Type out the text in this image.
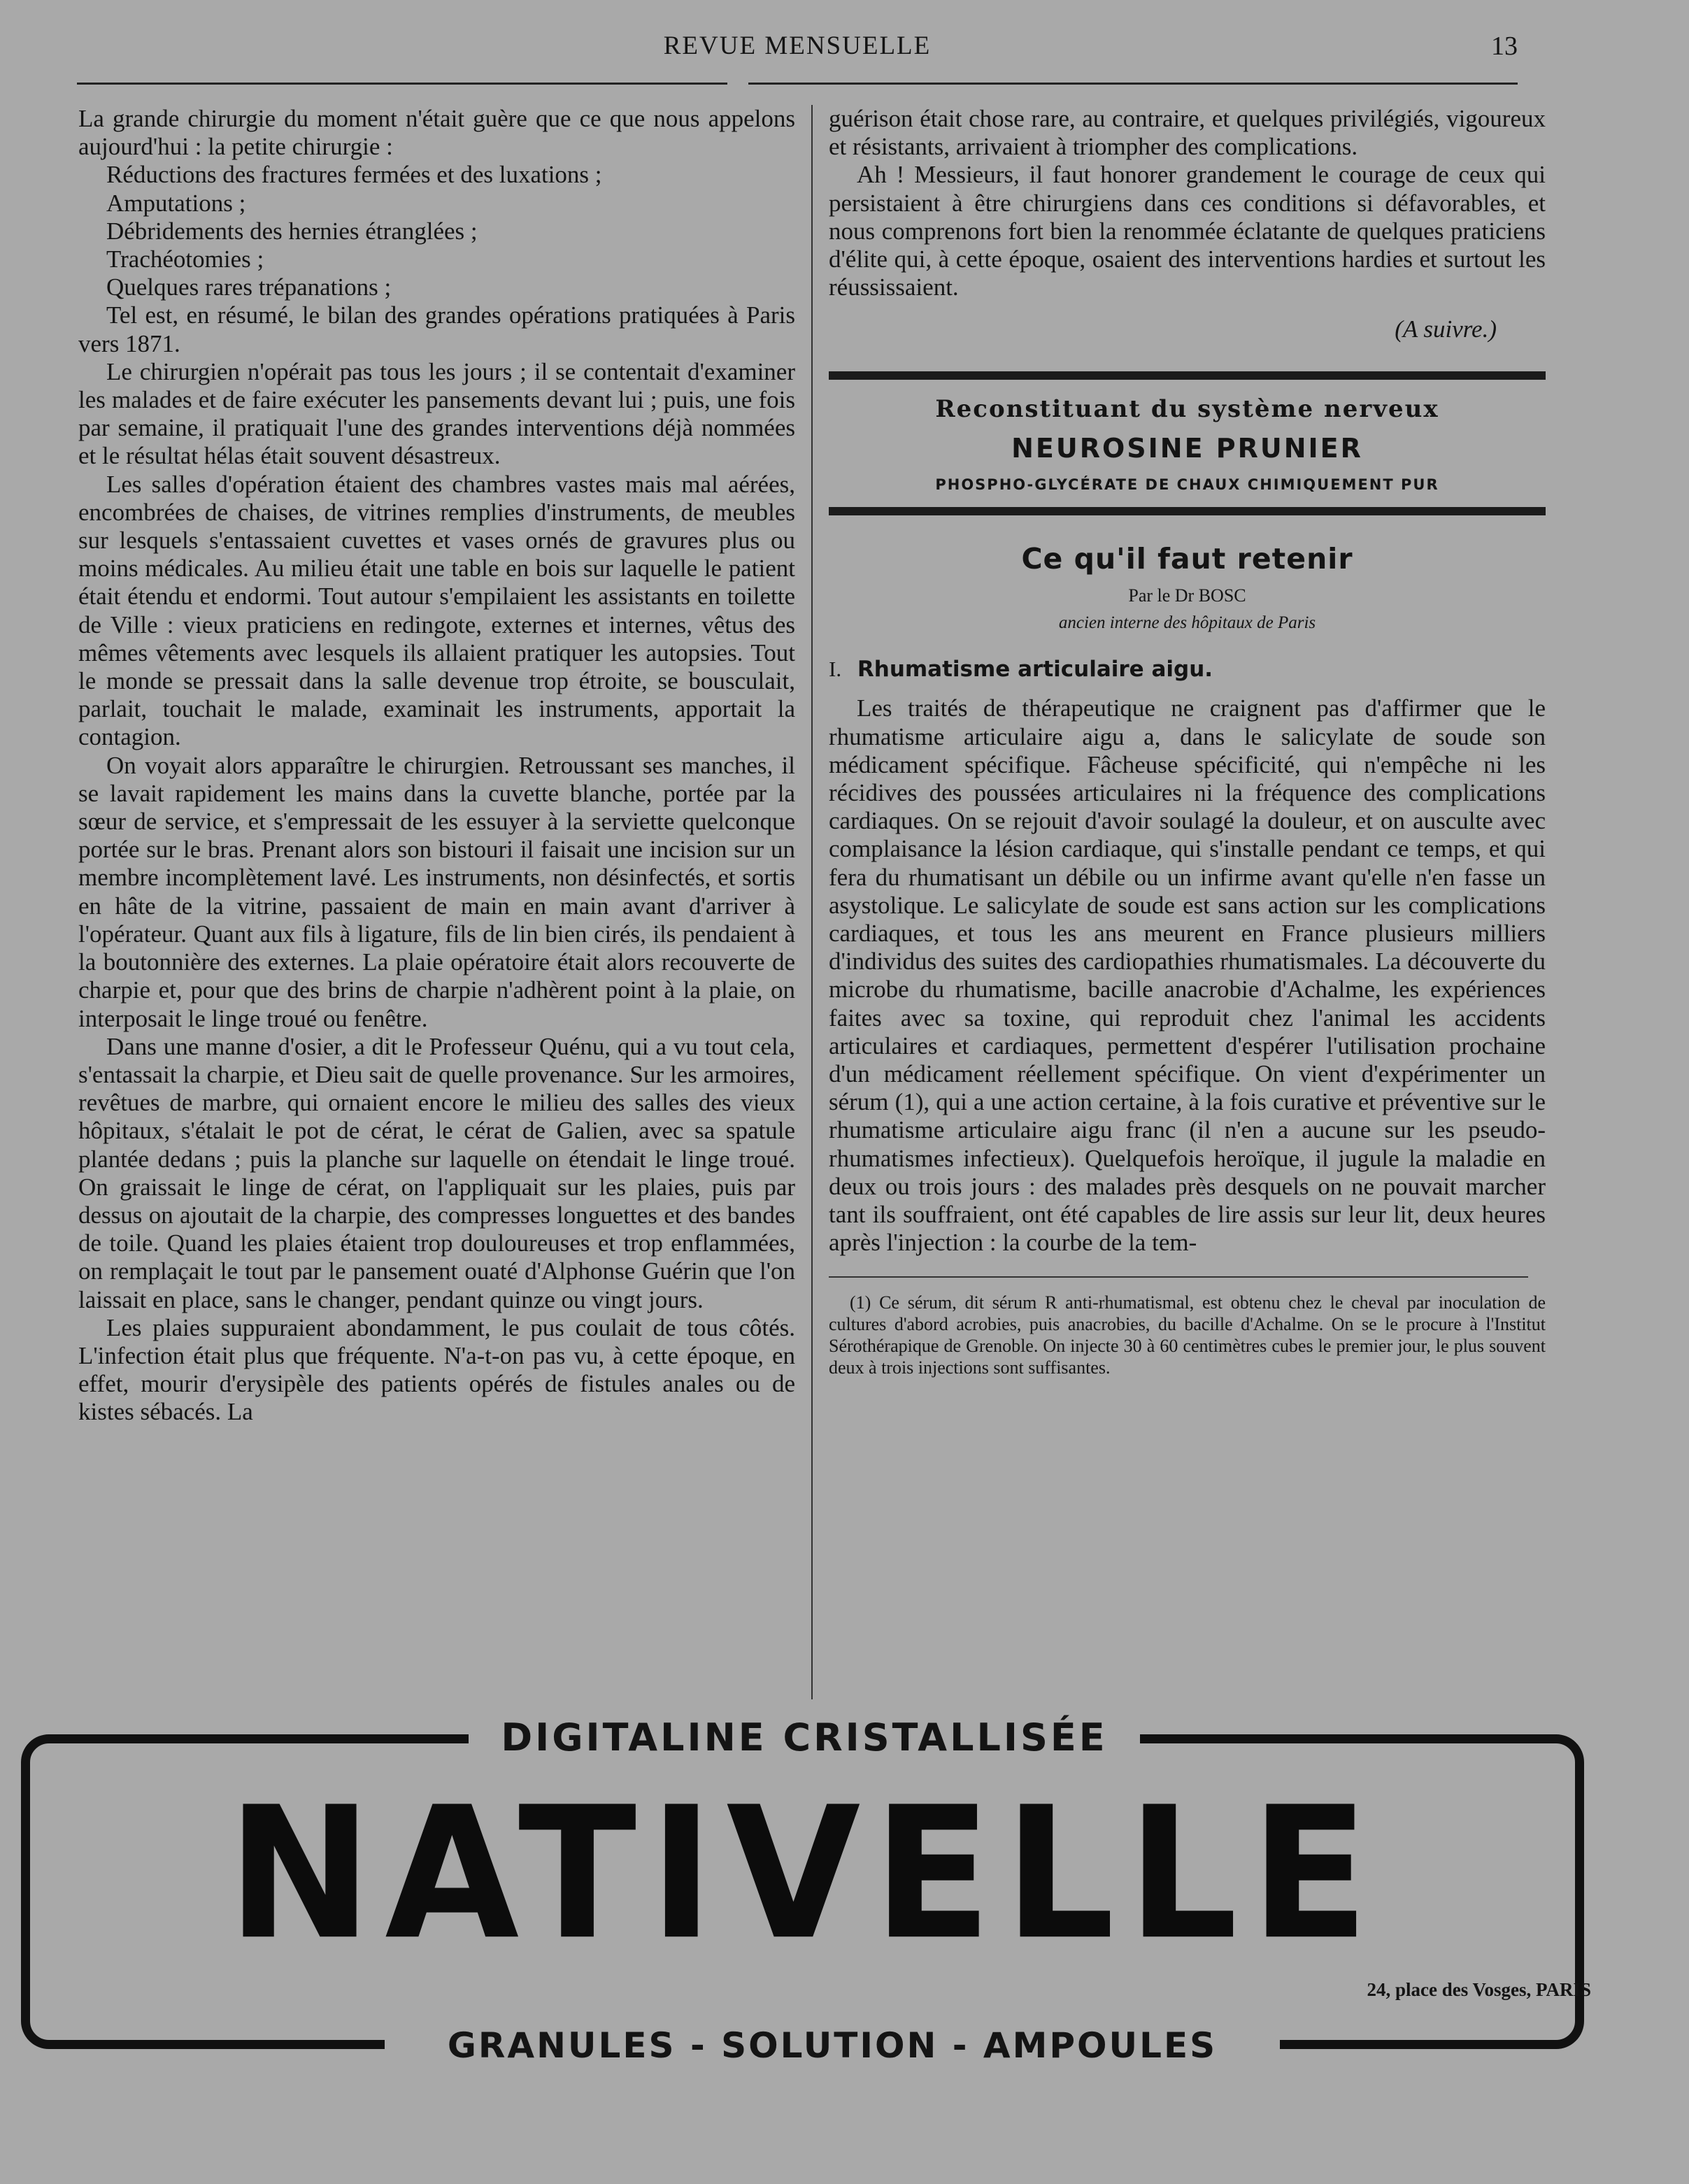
REVUE MENSUELLE	13

La grande chirurgie du moment n'était guère que ce que nous appelons aujourd'hui : la petite chirurgie :

Réductions des fractures fermées et des luxations ;
Amputations ;
Débridements des hernies étranglées ;
Trachéotomies ;
Quelques rares trépanations ;

Tel est, en résumé, le bilan des grandes opérations pratiquées à Paris vers 1871.

Le chirurgien n'opérait pas tous les jours ; il se contentait d'examiner les malades et de faire exécuter les pansements devant lui ; puis, une fois par semaine, il pratiquait l'une des grandes interventions déjà nommées et le résultat hélas était souvent désastreux.

Les salles d'opération étaient des chambres vastes mais mal aérées, encombrées de chaises, de vitrines remplies d'instruments, de meubles sur lesquels s'entassaient cuvettes et vases ornés de gravures plus ou moins médicales. Au milieu était une table en bois sur laquelle le patient était étendu et endormi. Tout autour s'empilaient les assistants en toilette de Ville : vieux praticiens en redingote, externes et internes, vêtus des mêmes vêtements avec lesquels ils allaient pratiquer les autopsies. Tout le monde se pressait dans la salle devenue trop étroite, se bousculait, parlait, touchait le malade, examinait les instruments, apportait la contagion.

On voyait alors apparaître le chirurgien. Retroussant ses manches, il se lavait rapidement les mains dans la cuvette blanche, portée par la sœur de service, et s'empressait de les essuyer à la serviette quelconque portée sur le bras. Prenant alors son bistouri il faisait une incision sur un membre incomplètement lavé. Les instruments, non désinfectés, et sortis en hâte de la vitrine, passaient de main en main avant d'arriver à l'opérateur. Quant aux fils à ligature, fils de lin bien cirés, ils pendaient à la boutonnière des externes. La plaie opératoire était alors recouverte de charpie et, pour que des brins de charpie n'adhèrent point à la plaie, on interposait le linge troué ou fenêtre.

Dans une manne d'osier, a dit le Professeur Quénu, qui a vu tout cela, s'entassait la charpie, et Dieu sait de quelle provenance. Sur les armoires, revêtues de marbre, qui ornaient encore le milieu des salles des vieux hôpitaux, s'étalait le pot de cérat, le cérat de Galien, avec sa spatule plantée dedans ; puis la planche sur laquelle on étendait le linge troué. On graissait le linge de cérat, on l'appliquait sur les plaies, puis par dessus on ajoutait de la charpie, des compresses longuettes et des bandes de toile. Quand les plaies étaient trop douloureuses et trop enflammées, on remplaçait le tout par le pansement ouaté d'Alphonse Guérin que l'on laissait en place, sans le changer, pendant quinze ou vingt jours.

Les plaies suppuraient abondamment, le pus coulait de tous côtés. L'infection était plus que fréquente. N'a-t-on pas vu, à cette époque, en effet, mourir d'erysipèle des patients opérés de fistules anales ou de kistes sébacés. La

guérison était chose rare, au contraire, et quelques privilégiés, vigoureux et résistants, arrivaient à triompher des complications.

Ah ! Messieurs, il faut honorer grandement le courage de ceux qui persistaient à être chirurgiens dans ces conditions si défavorables, et nous comprenons fort bien la renommée éclatante de quelques praticiens d'élite qui, à cette époque, osaient des interventions hardies et surtout les réussissaient.

(A suivre.)
Reconstituant du système nerveux
NEUROSINE PRUNIER
PHOSPHO-GLYCÉRATE DE CHAUX CHIMIQUEMENT PUR
Ce qu'il faut retenir
Par le Dr BOSC
ancien interne des hôpitaux de Paris
I. Rhumatisme articulaire aigu.

Les traités de thérapeutique ne craignent pas d'affirmer que le rhumatisme articulaire aigu a, dans le salicylate de soude son médicament spécifique. Fâcheuse spécificité, qui n'empêche ni les récidives des poussées articulaires ni la fréquence des complications cardiaques. On se rejouit d'avoir soulagé la douleur, et on ausculte avec complaisance la lésion cardiaque, qui s'installe pendant ce temps, et qui fera du rhumatisant un débile ou un infirme avant qu'elle n'en fasse un asystolique. Le salicylate de soude est sans action sur les complications cardiaques, et tous les ans meurent en France plusieurs milliers d'individus des suites des cardiopathies rhumatismales. La découverte du microbe du rhumatisme, bacille anacrobie d'Achalme, les expériences faites avec sa toxine, qui reproduit chez l'animal les accidents articulaires et cardiaques, permettent d'espérer l'utilisation prochaine d'un médicament réellement spécifique. On vient d'expérimenter un sérum (1), qui a une action certaine, à la fois curative et préventive sur le rhumatisme articulaire aigu franc (il n'en a aucune sur les pseudo-rhumatismes infectieux). Quelquefois heroïque, il jugule la maladie en deux ou trois jours : des malades près desquels on ne pouvait marcher tant ils souffraient, ont été capables de lire assis sur leur lit, deux heures après l'injection : la courbe de la tem-

(1) Ce sérum, dit sérum R anti-rhumatismal, est obtenu chez le cheval par inoculation de cultures d'abord acrobies, puis anacrobies, du bacille d'Achalme. On se le procure à l'Institut Sérothérapique de Grenoble. On injecte 30 à 60 centimètres cubes le premier jour, le plus souvent deux à trois injections sont suffisantes.

DIGITALINE CRISTALLISÉE
NATIVELLE
GRANULES - SOLUTION - AMPOULES
24, place des Vosges, PARIS
